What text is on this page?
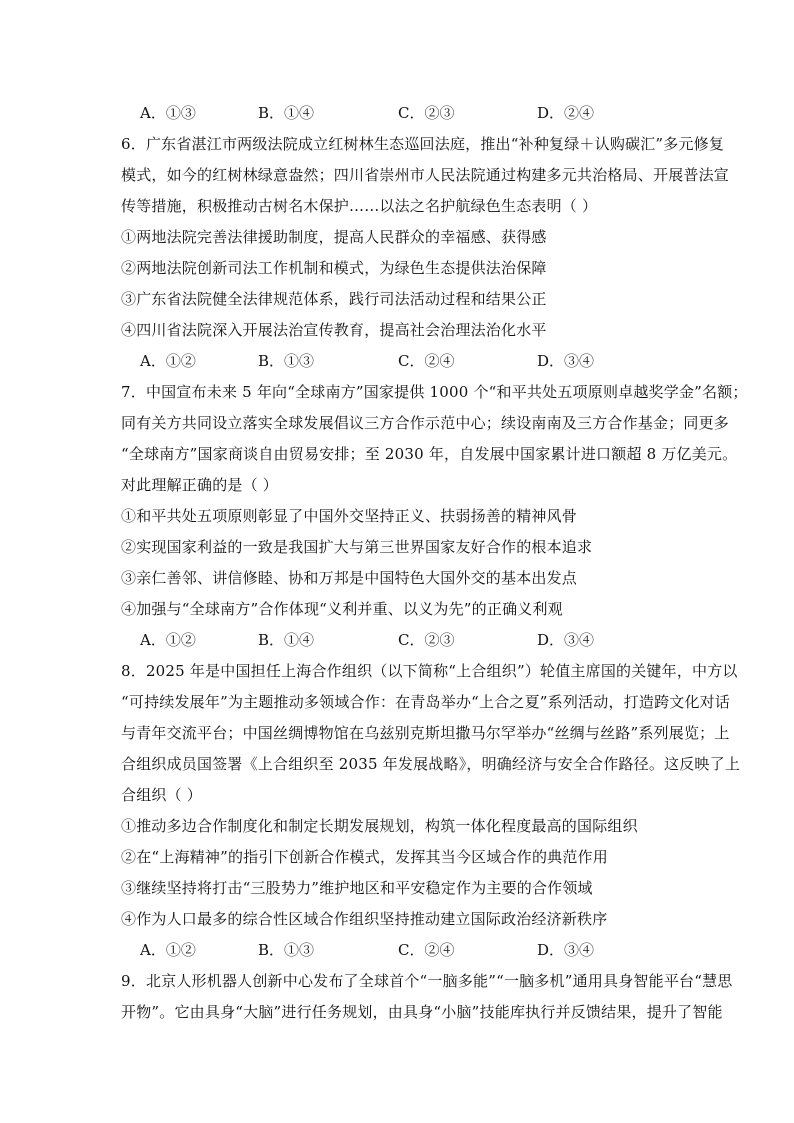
A．①③	B．①④	C．②③	D．②④
6．广东省湛江市两级法院成立红树林生态巡回法庭，推出“补种复绿＋认购碳汇”多元修复
模式，如今的红树林绿意盎然；四川省崇州市人民法院通过构建多元共治格局、开展普法宣
传等措施，积极推动古树名木保护……以法之名护航绿色生态表明（ ）
①两地法院完善法律援助制度，提高人民群众的幸福感、获得感
②两地法院创新司法工作机制和模式，为绿色生态提供法治保障
③广东省法院健全法律规范体系，践行司法活动过程和结果公正
④四川省法院深入开展法治宣传教育，提高社会治理法治化水平
A．①②	B．①③	C．②④	D．③④
7．中国宣布未来 5 年向“全球南方”国家提供 1000 个“和平共处五项原则卓越奖学金”名额；
同有关方共同设立落实全球发展倡议三方合作示范中心；续设南南及三方合作基金；同更多
“全球南方”国家商谈自由贸易安排；至 2030 年，自发展中国家累计进口额超 8 万亿美元。
对此理解正确的是（ ）
①和平共处五项原则彰显了中国外交坚持正义、扶弱扬善的精神风骨
②实现国家利益的一致是我国扩大与第三世界国家友好合作的根本追求
③亲仁善邻、讲信修睦、协和万邦是中国特色大国外交的基本出发点
④加强与“全球南方”合作体现“义利并重、以义为先”的正确义利观
A．①②	B．①④	C．②③	D．③④
8．2025 年是中国担任上海合作组织（以下简称“上合组织”）轮值主席国的关键年，中方以
“可持续发展年”为主题推动多领域合作：在青岛举办“上合之夏”系列活动，打造跨文化对话
与青年交流平台；中国丝绸博物馆在乌兹别克斯坦撒马尔罕举办“丝绸与丝路”系列展览；上
合组织成员国签署《上合组织至 2035 年发展战略》，明确经济与安全合作路径。这反映了上
合组织（ ）
①推动多边合作制度化和制定长期发展规划，构筑一体化程度最高的国际组织
②在“上海精神”的指引下创新合作模式，发挥其当今区域合作的典范作用
③继续坚持将打击“三股势力”维护地区和平安稳定作为主要的合作领域
④作为人口最多的综合性区域合作组织坚持推动建立国际政治经济新秩序
A．①②	B．①③	C．②④	D．③④
9．北京人形机器人创新中心发布了全球首个“一脑多能”“一脑多机”通用具身智能平台“慧思
开物”。它由具身“大脑”进行任务规划，由具身“小脑”技能库执行并反馈结果，提升了智能
